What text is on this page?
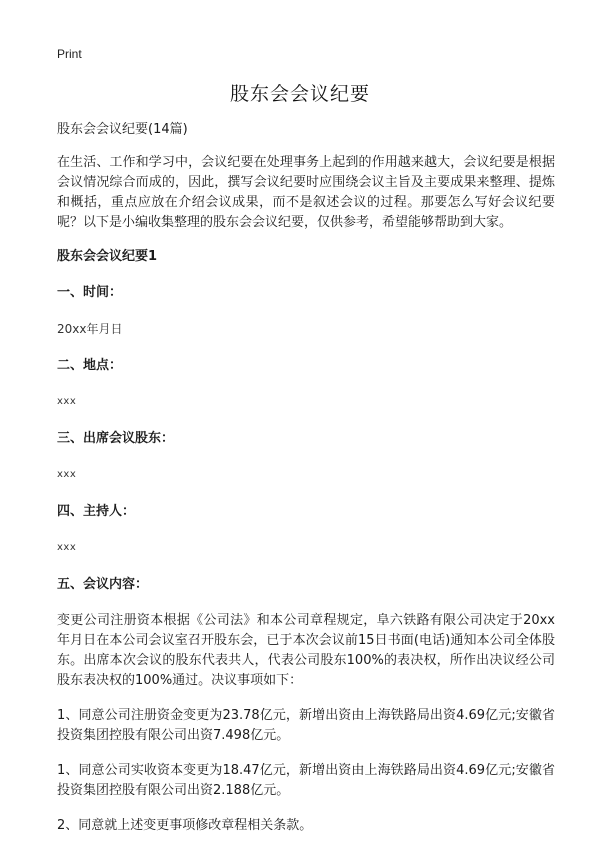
Print
股东会会议纪要

股东会会议纪要(14篇)

在生活、工作和学习中，会议纪要在处理事务上起到的作用越来越大，会议纪要是根据会议情况综合而成的，因此，撰写会议纪要时应围绕会议主旨及主要成果来整理、提炼和概括，重点应放在介绍会议成果，而不是叙述会议的过程。那要怎么写好会议纪要呢？以下是小编收集整理的股东会会议纪要，仅供参考，希望能够帮助到大家。

股东会会议纪要1

一、时间：

20xx年月日

二、地点：

xxx

三、出席会议股东：

xxx

四、主持人：

xxx

五、会议内容：

变更公司注册资本根据《公司法》和本公司章程规定，阜六铁路有限公司决定于20xx年月日在本公司会议室召开股东会，已于本次会议前15日书面(电话)通知本公司全体股东。出席本次会议的股东代表共人，代表公司股东100%的表决权，所作出决议经公司股东表决权的100%通过。决议事项如下：

1、同意公司注册资金变更为23.78亿元，新增出资由上海铁路局出资4.69亿元;安徽省投资集团控股有限公司出资7.498亿元。

1、同意公司实收资本变更为18.47亿元，新增出资由上海铁路局出资4.69亿元;安徽省投资集团控股有限公司出资2.188亿元。

2、同意就上述变更事项修改章程相关条款。
